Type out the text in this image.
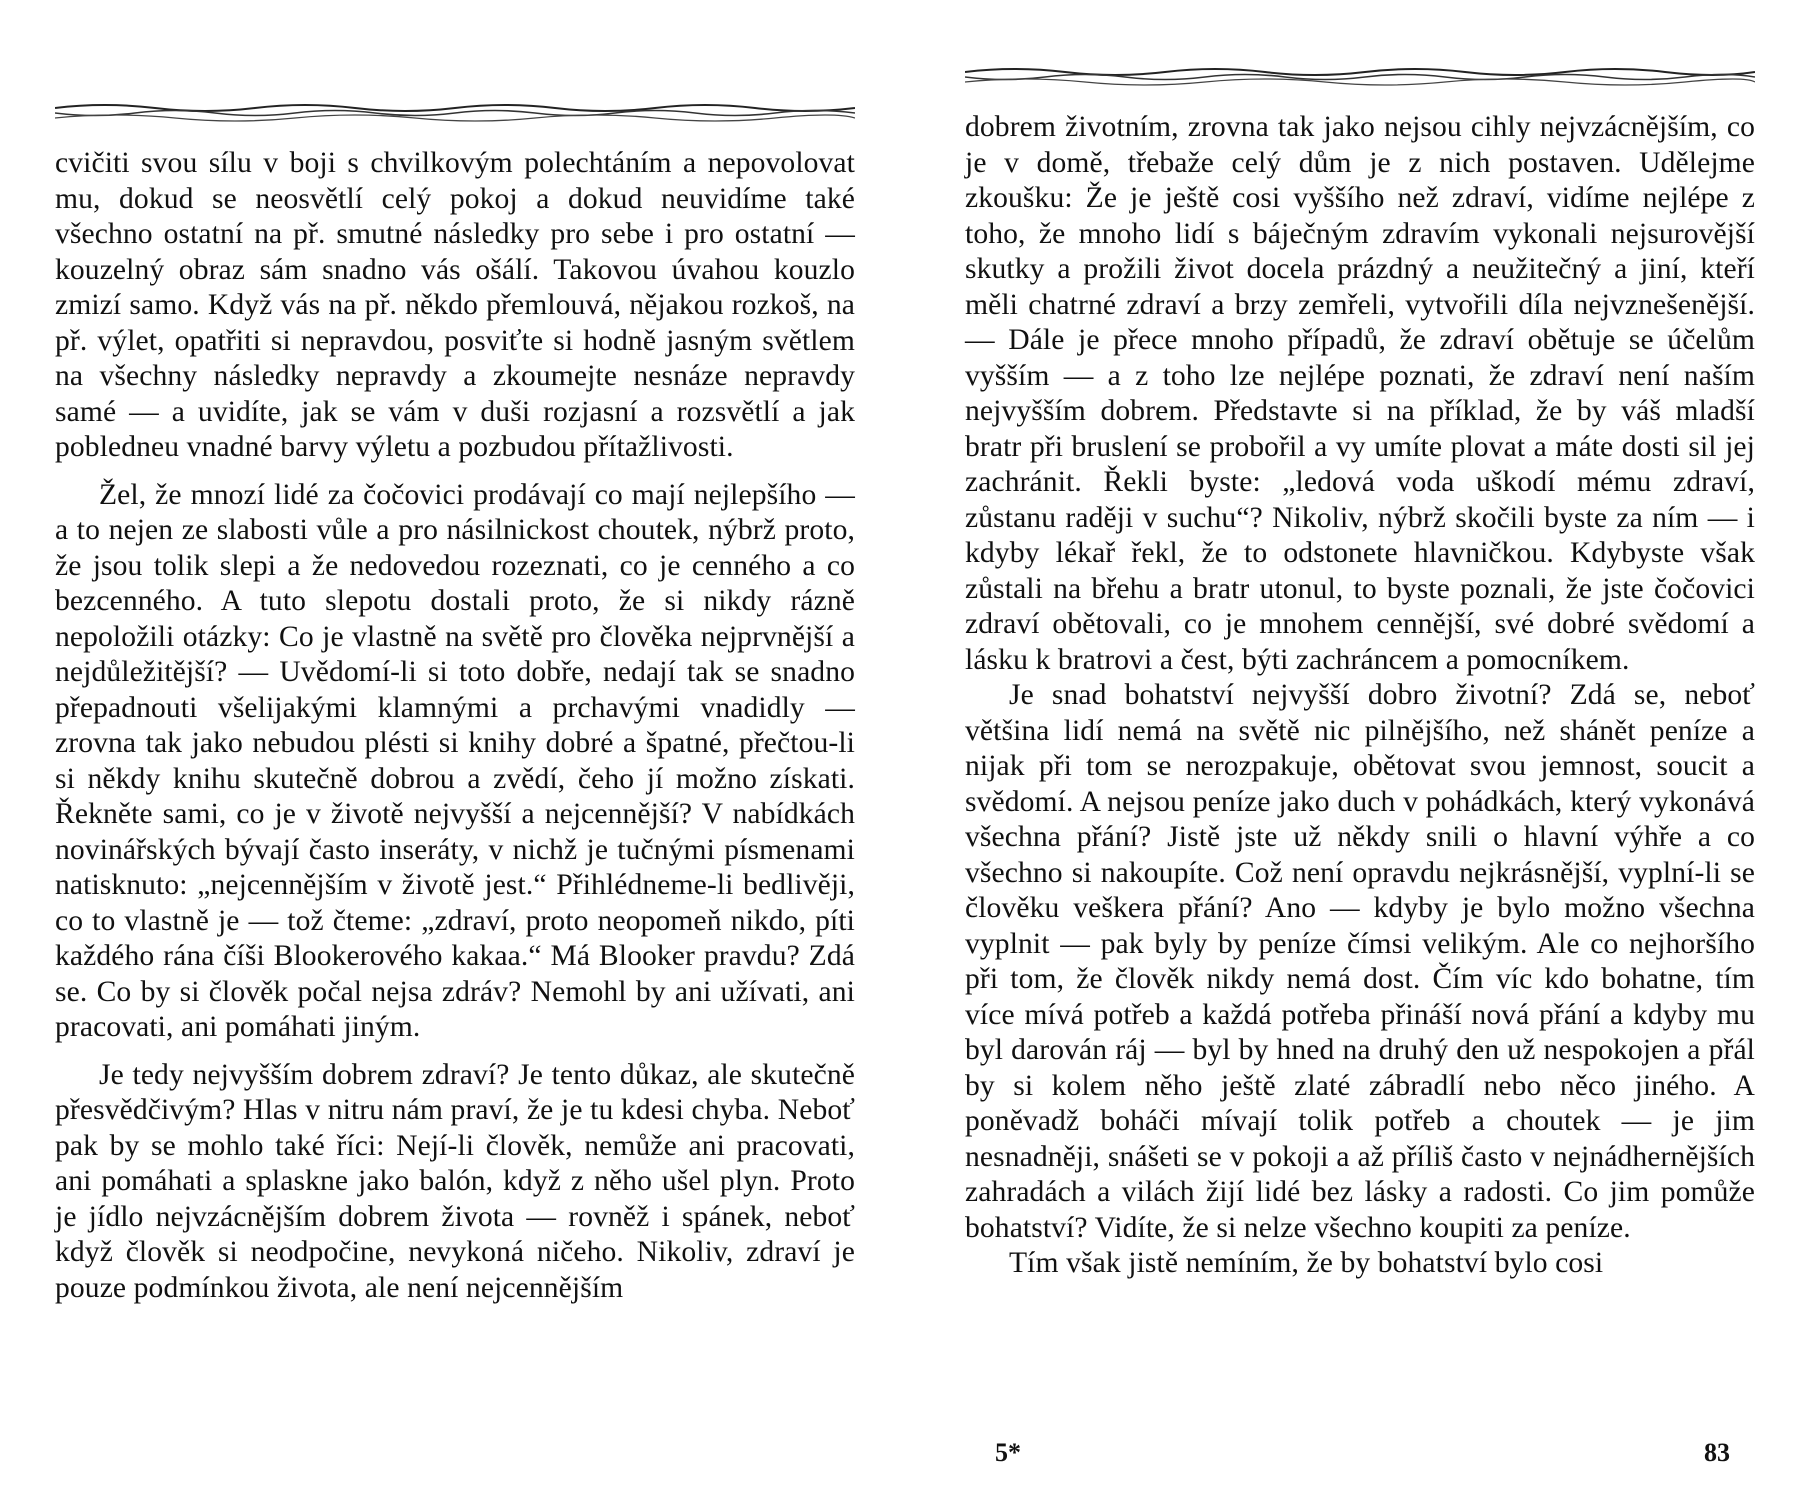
cvičiti svou sílu v boji s chvilkovým polechtáním a nepovolovat mu, dokud se neosvětlí celý pokoj a dokud neuvidíme také všechno ostatní na př. smutné následky pro sebe i pro ostatní — kouzelný obraz sám snadno vás ošálí. Takovou úvahou kouzlo zmizí samo. Když vás na př. někdo přemlouvá, nějakou rozkoš, na př. výlet, opatřiti si nepravdou, posviťte si hodně jasným světlem na všechny následky nepravdy a zkoumejte nesnáze nepravdy samé — a uvidíte, jak se vám v duši rozjasní a rozsvětlí a jak pobledneu vnadné barvy výletu a pozbudou přítažlivosti.

Žel, že mnozí lidé za čočovici prodávají co mají nejlepšího — a to nejen ze slabosti vůle a pro násilnickost choutek, nýbrž proto, že jsou tolik slepi a že nedovedou rozeznati, co je cenného a co bezcenného. A tuto slepotu dostali proto, že si nikdy rázně nepoložili otázky: Co je vlastně na světě pro člověka nejprvnější a nejdůležitější? — Uvědomí-li si toto dobře, nedají tak se snadno přepadnouti všelijakými klamnými a prchavými vnadidly — zrovna tak jako nebudou plésti si knihy dobré a špatné, přečtou-li si někdy knihu skutečně dobrou a zvědí, čeho jí možno získati. Řekněte sami, co je v životě nejvyšší a nejcennější? V nabídkách novinářských bývají často inseráty, v nichž je tučnými písmenami natisknuto: „nejcennějším v životě jest.“ Přihlédneme-li bedlivěji, co to vlastně je — tož čteme: „zdraví, proto neopomeň nikdo, píti každého rána číši Blookerového kakaa.“ Má Blooker pravdu? Zdá se. Co by si člověk počal nejsa zdráv? Nemohl by ani užívati, ani pracovati, ani pomáhati jiným.

Je tedy nejvyšším dobrem zdraví? Je tento důkaz, ale skutečně přesvědčivým? Hlas v nitru nám praví, že je tu kdesi chyba. Neboť pak by se mohlo také říci: Nejí-li člověk, nemůže ani pracovati, ani pomáhati a splaskne jako balón, když z něho ušel plyn. Proto je jídlo nejvzácnějším dobrem života — rovněž i spánek, neboť když člověk si neodpočine, nevykoná ničeho. Nikoliv, zdraví je pouze podmínkou života, ale není nejcennějším

dobrem životním, zrovna tak jako nejsou cihly nejvzácnějším, co je v domě, třebaže celý dům je z nich postaven. Udělejme zkoušku: Že je ještě cosi vyššího než zdraví, vidíme nejlépe z toho, že mnoho lidí s báječným zdravím vykonali nejsurovější skutky a prožili život docela prázdný a neužitečný a jiní, kteří měli chatrné zdraví a brzy zemřeli, vytvořili díla nejvznešenější. — Dále je přece mnoho případů, že zdraví obětuje se účelům vyšším — a z toho lze nejlépe poznati, že zdraví není naším nejvyšším dobrem. Představte si na příklad, že by váš mladší bratr při bruslení se probořil a vy umíte plovat a máte dosti sil jej zachránit. Řekli byste: „ledová voda uškodí mému zdraví, zůstanu raději v suchu“? Nikoliv, nýbrž skočili byste za ním — i kdyby lékař řekl, že to odstonete hlavničkou. Kdybyste však zůstali na břehu a bratr utonul, to byste poznali, že jste čočovici zdraví obětovali, co je mnohem cennější, své dobré svědomí a lásku k bratrovi a čest, býti zachráncem a pomocníkem.

Je snad bohatství nejvyšší dobro životní? Zdá se, neboť většina lidí nemá na světě nic pilnějšího, než shánět peníze a nijak při tom se nerozpakuje, obětovat svou jemnost, soucit a svědomí. A nejsou peníze jako duch v pohádkách, který vykonává všechna přání? Jistě jste už někdy snili o hlavní výhře a co všechno si nakoupíte. Což není opravdu nejkrásnější, vyplní-li se člověku veškera přání? Ano — kdyby je bylo možno všechna vyplnit — pak byly by peníze čímsi velikým. Ale co nejhoršího při tom, že člověk nikdy nemá dost. Čím víc kdo bohatne, tím více mívá potřeb a každá potřeba přináší nová přání a kdyby mu byl darován ráj — byl by hned na druhý den už nespokojen a přál by si kolem něho ještě zlaté zábradlí nebo něco jiného. A poněvadž boháči mívají tolik potřeb a choutek — je jim nesnadněji, snášeti se v pokoji a až příliš často v nejnádhernějších zahradách a vilách žijí lidé bez lásky a radosti. Co jim pomůže bohatství? Vidíte, že si nelze všechno koupiti za peníze.

Tím však jistě nemíním, že by bohatství bylo cosi

5*	83
